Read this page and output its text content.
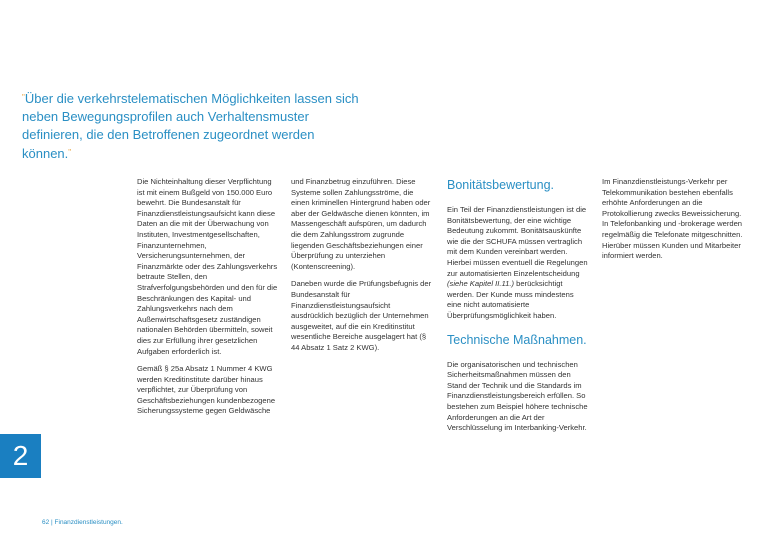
"Über die verkehrstelematischen Möglichkeiten lassen sich neben Bewegungsprofilen auch Verhaltensmuster definieren, die den Betroffenen zugeordnet werden können."

Die Nichteinhaltung dieser Verpflichtung ist mit einem Bußgeld von 150.000 Euro bewehrt. Die Bundesanstalt für Finanzdienstleistungsaufsicht kann diese Daten an die mit der Überwachung von Instituten, Investmentgesellschaften, Finanzunternehmen, Versicherungsunternehmen, der Finanzmärkte oder des Zahlungsverkehrs betraute Stellen, den Strafverfolgungsbehörden und den für die Beschränkungen des Kapital- und Zahlungsverkehrs nach dem Außenwirtschaftsgesetz zuständigen nationalen Behörden übermitteln, soweit dies zur Erfüllung ihrer gesetzlichen Aufgaben erforderlich ist.

Gemäß § 25a Absatz 1 Nummer 4 KWG werden Kreditinstitute darüber hinaus verpflichtet, zur Überprüfung von Geschäftsbeziehungen kundenbezogene Sicherungssysteme gegen Geldwäsche

und Finanzbetrug einzuführen. Diese Systeme sollen Zahlungsströme, die einen kriminellen Hintergrund haben oder aber der Geldwäsche dienen könnten, im Massengeschäft aufspüren, um dadurch die dem Zahlungsstrom zugrunde liegenden Geschäftsbeziehungen einer Überprüfung zu unterziehen (Kontenscreening).

Daneben wurde die Prüfungsbefugnis der Bundesanstalt für Finanzdienstleistungsaufsicht ausdrücklich bezüglich der Unternehmen ausgeweitet, auf die ein Kreditinstitut wesentliche Bereiche ausgelagert hat (§ 44 Absatz 1 Satz 2 KWG).

Bonitätsbewertung.

Ein Teil der Finanzdienstleistungen ist die Bonitätsbewertung, der eine wichtige Bedeutung zukommt. Bonitätsauskünfte wie die der SCHUFA müssen vertraglich mit dem Kunden vereinbart werden. Hierbei müssen eventuell die Regelungen zur automatisierten Einzelentscheidung (siehe Kapitel II.11.) berücksichtigt werden. Der Kunde muss mindestens eine nicht automatisierte Überprüfungsmöglichkeit haben.

Technische Maßnahmen.

Die organisatorischen und technischen Sicherheitsmaßnahmen müssen den Stand der Technik und die Standards im Finanzdienstleistungsbereich erfüllen. So bestehen zum Beispiel höhere technische Anforderungen an die Art der Verschlüsselung im Interbanking-Verkehr.

Im Finanzdienstleistungs-Verkehr per Telekommunikation bestehen ebenfalls erhöhte Anforderungen an die Protokollierung zwecks Beweissicherung. In Telefonbanking und -brokerage werden regelmäßig die Telefonate mitgeschnitten. Hierüber müssen Kunden und Mitarbeiter informiert werden.

2
62 | Finanzdienstleistungen.
